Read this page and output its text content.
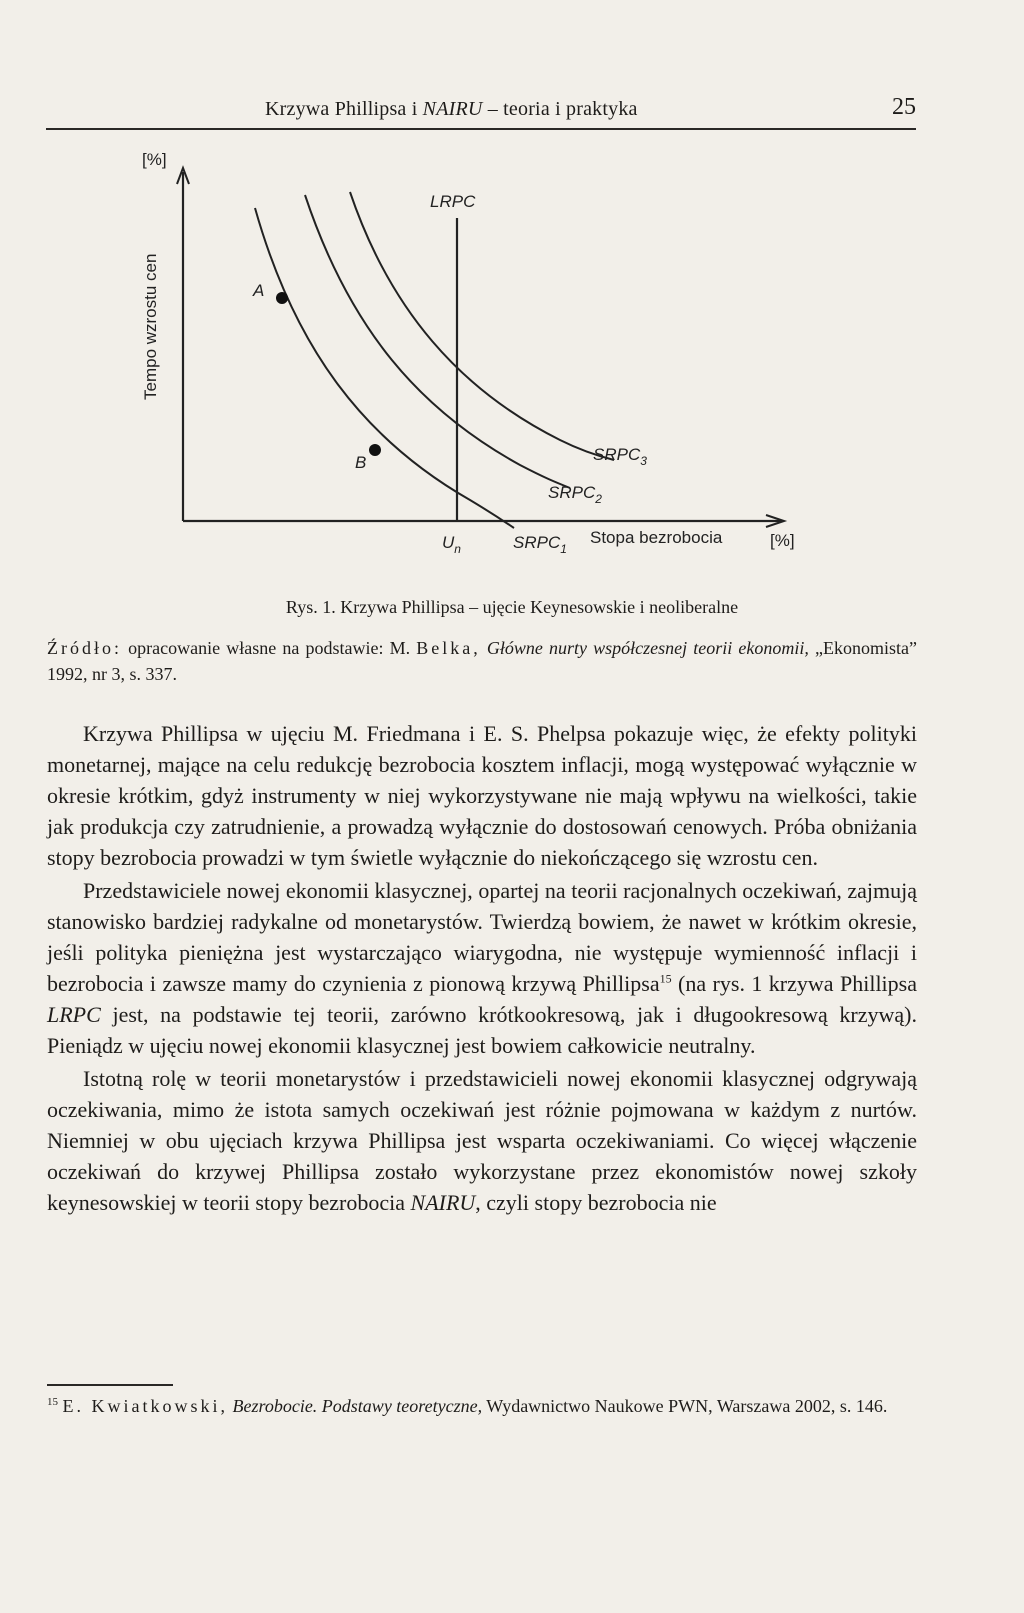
Krzywa Phillipsa i NAIRU – teoria i praktyka	25
[%]
Tempo wzrostu cen
LRPC
A
B	$SRPC_3$
$SRPC_2$
$SRPC_1$
$U_n$
Stopa bezrobocia	[%]
Rys. 1. Krzywa Phillipsa – ujęcie Keynesowskie i neoliberalne
Źródło: opracowanie własne na podstawie: M. Belka, Główne nurty współczesnej teorii ekonomii, „Ekonomista” 1992, nr 3, s. 337.

Krzywa Phillipsa w ujęciu M. Friedmana i E. S. Phelpsa pokazuje więc, że efekty polityki monetarnej, mające na celu redukcję bezrobocia kosztem inflacji, mogą występować wyłącznie w okresie krótkim, gdyż instrumenty w niej wykorzystywane nie mają wpływu na wielkości, takie jak produkcja czy zatrudnienie, a prowadzą wyłącznie do dostosowań cenowych. Próba obniżania stopy bezrobocia prowadzi w tym świetle wyłącznie do niekończącego się wzrostu cen.

Przedstawiciele nowej ekonomii klasycznej, opartej na teorii racjonalnych oczekiwań, zajmują stanowisko bardziej radykalne od monetarystów. Twierdzą bowiem, że nawet w krótkim okresie, jeśli polityka pieniężna jest wystarczająco wiarygodna, nie występuje wymienność inflacji i bezrobocia i zawsze mamy do czynienia z pionową krzywą Phillipsa$^{15}$ (na rys. 1 krzywa Phillipsa LRPC jest, na podstawie tej teorii, zarówno krótkookresową, jak i długookresową krzywą). Pieniądz w ujęciu nowej ekonomii klasycznej jest bowiem całkowicie neutralny.

Istotną rolę w teorii monetarystów i przedstawicieli nowej ekonomii klasycznej odgrywają oczekiwania, mimo że istota samych oczekiwań jest różnie pojmowana w każdym z nurtów. Niemniej w obu ujęciach krzywa Phillipsa jest wsparta oczekiwaniami. Co więcej włączenie oczekiwań do krzywej Phillipsa zostało wykorzystane przez ekonomistów nowej szkoły keynesowskiej w teorii stopy bezrobocia NAIRU, czyli stopy bezrobocia nie

$^{15}$ E. Kwiatkowski, Bezrobocie. Podstawy teoretyczne, Wydawnictwo Naukowe PWN, Warszawa 2002, s. 146.
